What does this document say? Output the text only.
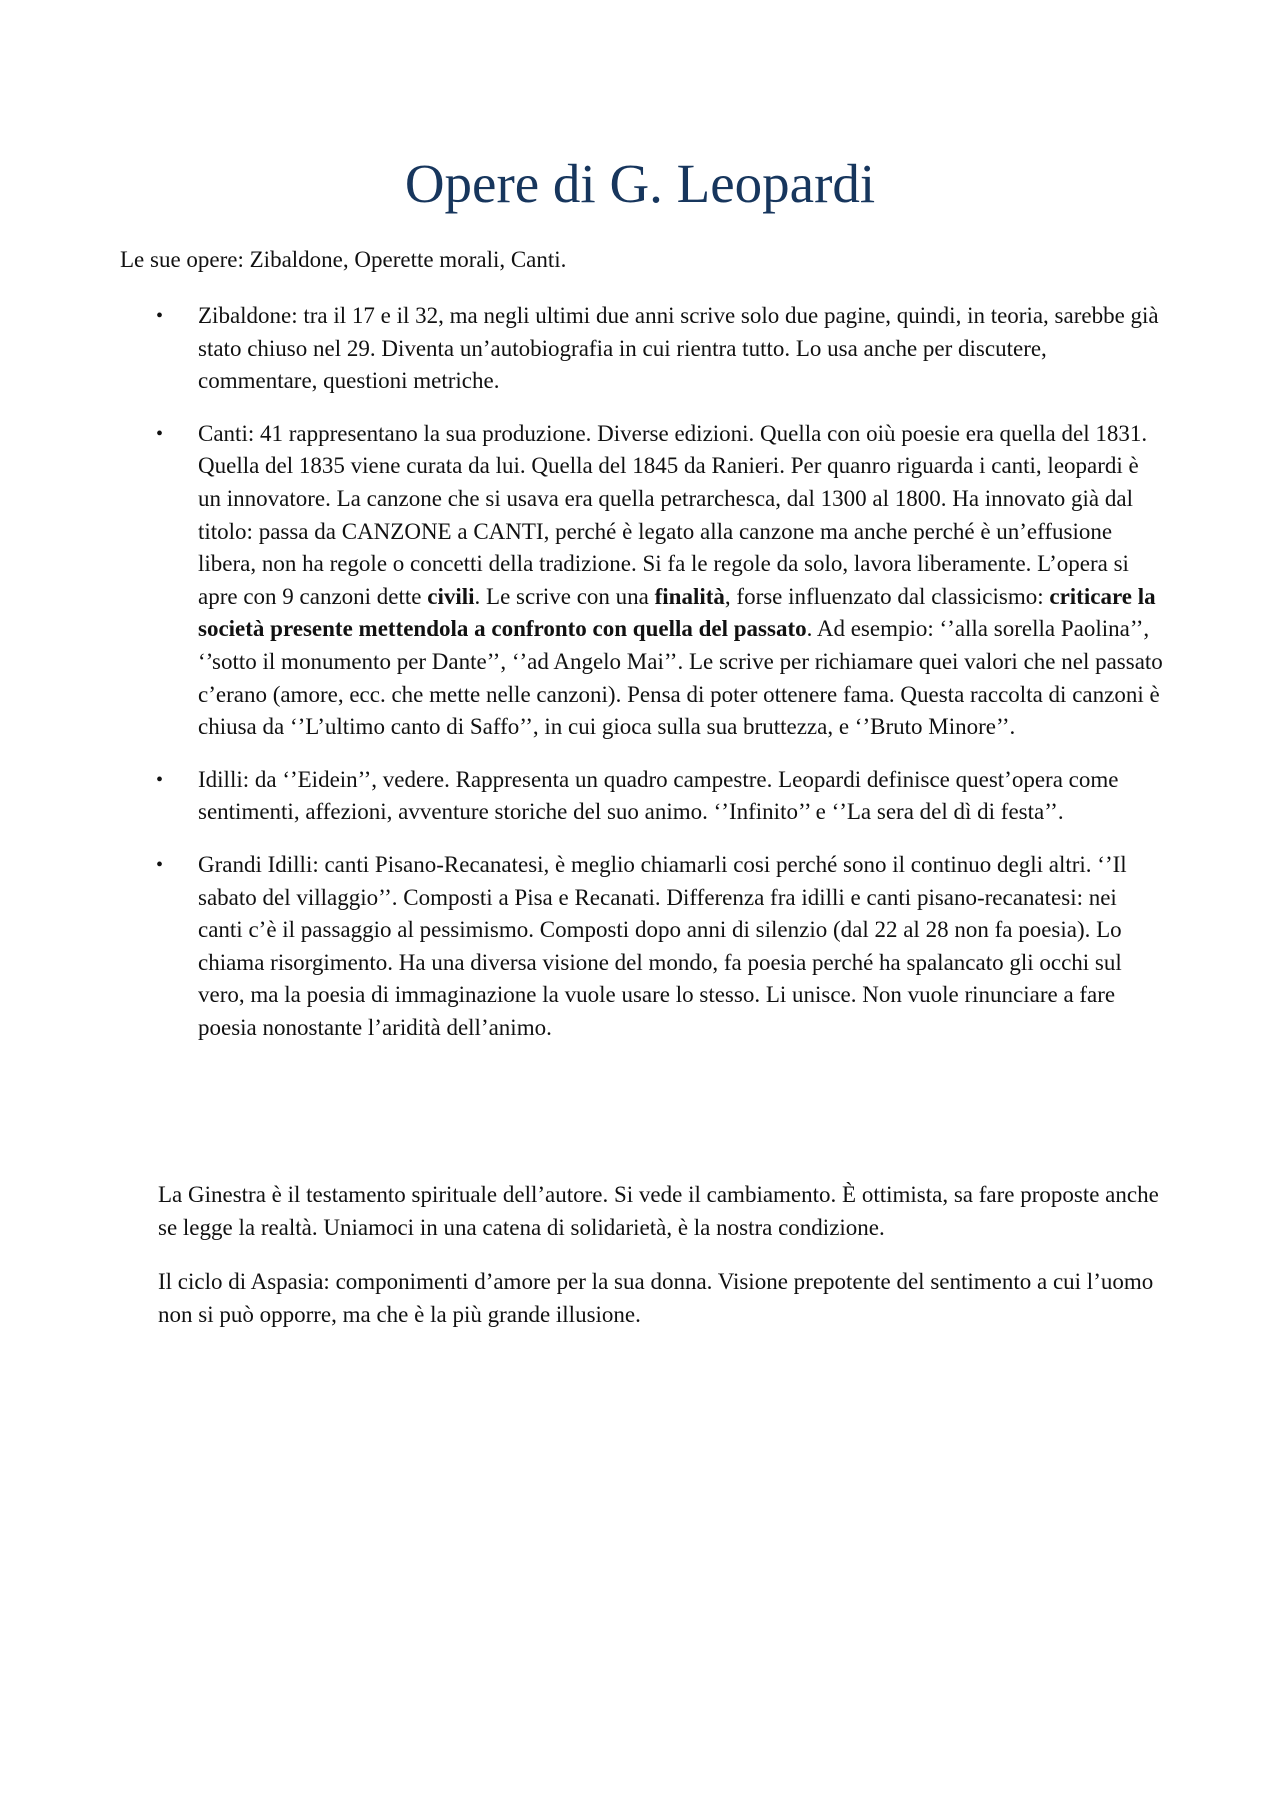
Opere di G. Leopardi

Le sue opere: Zibaldone, Operette morali, Canti.

• Zibaldone: tra il 17 e il 32, ma negli ultimi due anni scrive solo due pagine, quindi, in teoria, sarebbe già stato chiuso nel 29. Diventa un’autobiografia in cui rientra tutto. Lo usa anche per discutere, commentare, questioni metriche.
• Canti: 41 rappresentano la sua produzione. Diverse edizioni. Quella con oiù poesie era quella del 1831. Quella del 1835 viene curata da lui. Quella del 1845 da Ranieri. Per quanro riguarda i canti, leopardi è un innovatore. La canzone che si usava era quella petrarchesca, dal 1300 al 1800. Ha innovato già dal titolo: passa da CANZONE a CANTI, perché è legato alla canzone ma anche perché è un’effusione libera, non ha regole o concetti della tradizione. Si fa le regole da solo, lavora liberamente. L’opera si apre con 9 canzoni dette civili. Le scrive con una finalità, forse influenzato dal classicismo: criticare la società presente mettendola a confronto con quella del passato. Ad esempio: ‘’alla sorella Paolina’’, ‘’sotto il monumento per Dante’’, ‘’ad Angelo Mai’’. Le scrive per richiamare quei valori che nel passato c’erano (amore, ecc. che mette nelle canzoni). Pensa di poter ottenere fama. Questa raccolta di canzoni è chiusa da ‘’L’ultimo canto di Saffo’’, in cui gioca sulla sua bruttezza, e ‘’Bruto Minore’’.
• Idilli: da ‘’Eidein’’, vedere. Rappresenta un quadro campestre. Leopardi definisce quest’opera come sentimenti, affezioni, avventure storiche del suo animo. ‘’Infinito’’ e ‘’La sera del dì di festa’’.
• Grandi Idilli: canti Pisano-Recanatesi, è meglio chiamarli cosi perché sono il continuo degli altri. ‘’Il sabato del villaggio’’. Composti a Pisa e Recanati. Differenza fra idilli e canti pisano-recanatesi: nei canti c’è il passaggio al pessimismo. Composti dopo anni di silenzio (dal 22 al 28 non fa poesia). Lo chiama risorgimento. Ha una diversa visione del mondo, fa poesia perché ha spalancato gli occhi sul vero, ma la poesia di immaginazione la vuole usare lo stesso. Li unisce. Non vuole rinunciare a fare poesia nonostante l’aridità dell’animo.

La Ginestra è il testamento spirituale dell’autore. Si vede il cambiamento. È ottimista, sa fare proposte anche se legge la realtà. Uniamoci in una catena di solidarietà, è la nostra condizione.

Il ciclo di Aspasia: componimenti d’amore per la sua donna. Visione prepotente del sentimento a cui l’uomo non si può opporre, ma che è la più grande illusione.
